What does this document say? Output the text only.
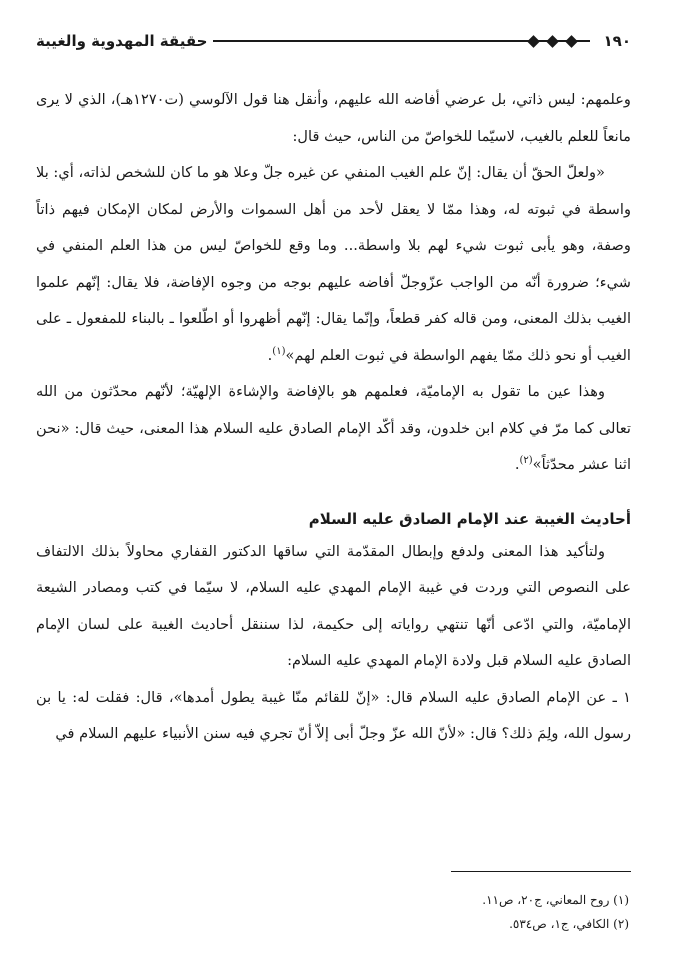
١٩٠
حقيقة المهدوية والغيبة

وعلمهم: ليس ذاتي، بل عرضي أفاضه الله عليهم، وأنقل هنا قول الآلوسي (ت١٢٧٠هـ)، الذي لا يرى مانعاً للعلم بالغيب، لاسيّما للخواصّ من الناس، حيث قال:

«ولعلّ الحقّ أن يقال: إنّ علم الغيب المنفي عن غيره جلّ وعلا هو ما كان للشخص لذاته، أي: بلا واسطة في ثبوته له، وهذا ممّا لا يعقل لأحد من أهل السموات والأرض لمكان الإمكان فيهم ذاتاً وصفة، وهو يأبى ثبوت شيء لهم بلا واسطة... وما وقع للخواصّ ليس من هذا العلم المنفي في شيء؛ ضرورة أنّه من الواجب عزّوجلّ أفاضه عليهم بوجه من وجوه الإفاضة، فلا يقال: إنّهم علموا الغيب بذلك المعنى، ومن قاله كفر قطعاً، وإنّما يقال: إنّهم أظهروا أو اطّلعوا ـ بالبناء للمفعول ـ على الغيب أو نحو ذلك ممّا يفهم الواسطة في ثبوت العلم لهم»$^{(١)}$.

وهذا عين ما تقول به الإماميّة، فعلمهم هو بالإفاضة والإشاءة الإلهيّة؛ لأنّهم محدّثون من الله تعالى كما مرّ في كلام ابن خلدون، وقد أكّد الإمام الصادق عليه السلام هذا المعنى، حيث قال: «نحن اثنا عشر محدّثاً»$^{(٢)}$.

أحاديث الغيبة عند الإمام الصادق عليه السلام

ولتأكيد هذا المعنى ولدفع وإبطال المقدّمة التي ساقها الدكتور القفاري محاولاً بذلك الالتفاف على النصوص التي وردت في غيبة الإمام المهدي عليه السلام، لا سيّما في كتب ومصادر الشيعة الإماميّة، والتي ادّعى أنّها تنتهي رواياته إلى حكيمة، لذا سننقل أحاديث الغيبة على لسان الإمام الصادق عليه السلام قبل ولادة الإمام المهدي عليه السلام:

١ ـ عن الإمام الصادق عليه السلام قال: «إنّ للقائم منّا غيبة يطول أمدها»، قال: فقلت له: يا بن رسول الله، ولِمَ ذلك؟ قال: «لأنّ الله عزّ وجلّ أبى إلاّ أنّ تجري فيه سنن الأنبياء عليهم السلام في

(١) روح المعاني، ج٢٠، ص١١.
(٢) الكافي، ج١، ص٥٣٤.
